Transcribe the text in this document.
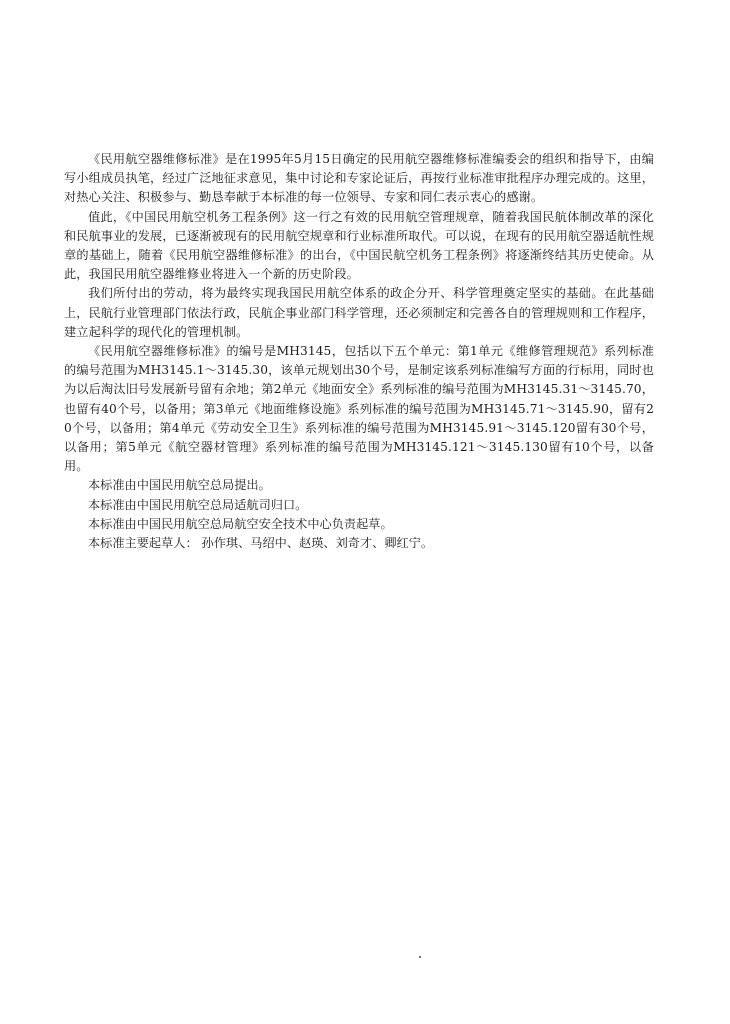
《民用航空器维修标准》是在1995年5月15日确定的民用航空器维修标准编委会的组织和指导下，由编写小组成员执笔，经过广泛地征求意见，集中讨论和专家论证后，再按行业标准审批程序办理完成的。这里，对热心关注、积极参与、勤恳奉献于本标准的每一位领导、专家和同仁表示衷心的感谢。

值此，《中国民用航空机务工程条例》这一行之有效的民用航空管理规章，随着我国民航体制改革的深化和民航事业的发展，已逐渐被现有的民用航空规章和行业标准所取代。可以说，在现有的民用航空器适航性规章的基础上，随着《民用航空器维修标准》的出台，《中国民航空机务工程条例》将逐渐终结其历史使命。从此，我国民用航空器维修业将进入一个新的历史阶段。

我们所付出的劳动，将为最终实现我国民用航空体系的政企分开、科学管理奠定坚实的基础。在此基础上，民航行业管理部门依法行政，民航企事业部门科学管理，还必须制定和完善各自的管理规则和工作程序，建立起科学的现代化的管理机制。

《民用航空器维修标准》的编号是MH3145，包括以下五个单元：第1单元《维修管理规范》系列标准的编号范围为MH3145.1～3145.30，该单元规划出30个号，是制定该系列标准编写方面的行标用，同时也为以后淘汰旧号发展新号留有余地；第2单元《地面安全》系列标准的编号范围为MH3145.31～3145.70，也留有40个号，以备用；第3单元《地面维修设施》系列标准的编号范围为MH3145.71～3145.90，留有20个号，以备用；第4单元《劳动安全卫生》系列标准的编号范围为MH3145.91～3145.120留有30个号，以备用；第5单元《航空器材管理》系列标准的编号范围为MH3145.121～3145.130留有10个号，以备用。

本标准由中国民用航空总局提出。

本标准由中国民用航空总局适航司归口。

本标准由中国民用航空总局航空安全技术中心负责起草。

本标准主要起草人： 孙作琪、马绍中、赵瑛、刘奇才、卿红宁。
